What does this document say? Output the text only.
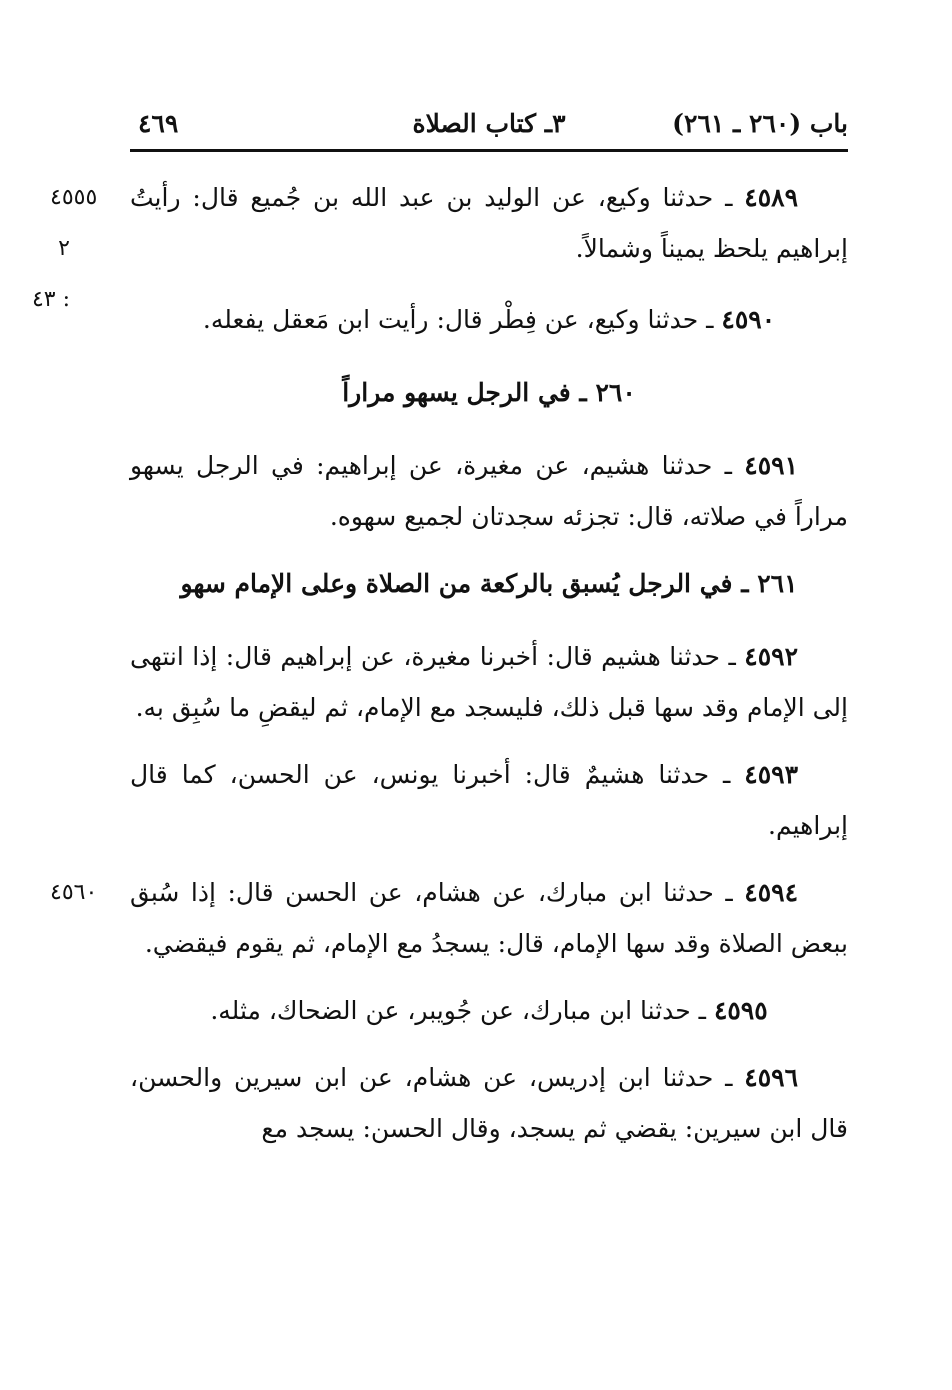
باب (٢٦٠ ـ ٢٦١)
٣ـ كتاب الصلاة
٤٦٩

٤٥٥٥
٢ : ٤٣
٤٥٨٩ ـ حدثنا وكيع، عن الوليد بن عبد الله بن جُميع قال: رأيتُ إبراهيم يلحظ يميناً وشمالاً.

٤٥٩٠ ـ حدثنا وكيع، عن فِطْر قال: رأيت ابن مَعقل يفعله.

٢٦٠ ـ في الرجل يسهو مراراً

٤٥٩١ ـ حدثنا هشيم، عن مغيرة، عن إبراهيم: في الرجل يسهو مراراً في صلاته، قال: تجزئه سجدتان لجميع سهوه.

٢٦١ ـ في الرجل يُسبق بالركعة من الصلاة وعلى الإمام سهو

٤٥٩٢ ـ حدثنا هشيم قال: أخبرنا مغيرة، عن إبراهيم قال: إذا انتهى إلى الإمام وقد سها قبل ذلك، فليسجد مع الإمام، ثم ليقضِ ما سُبِق به.

٤٥٩٣ ـ حدثنا هشيمٌ قال: أخبرنا يونس، عن الحسن، كما قال إبراهيم.

٤٥٦٠	٤٥٩٤ ـ حدثنا ابن مبارك، عن هشام، عن الحسن قال: إذا سُبق ببعض الصلاة وقد سها الإمام، قال: يسجدُ مع الإمام، ثم يقوم فيقضي.

٤٥٩٥ ـ حدثنا ابن مبارك، عن جُويبر، عن الضحاك، مثله.

٤٥٩٦ ـ حدثنا ابن إدريس، عن هشام، عن ابن سيرين والحسن، قال ابن سيرين: يقضي ثم يسجد، وقال الحسن: يسجد مع
